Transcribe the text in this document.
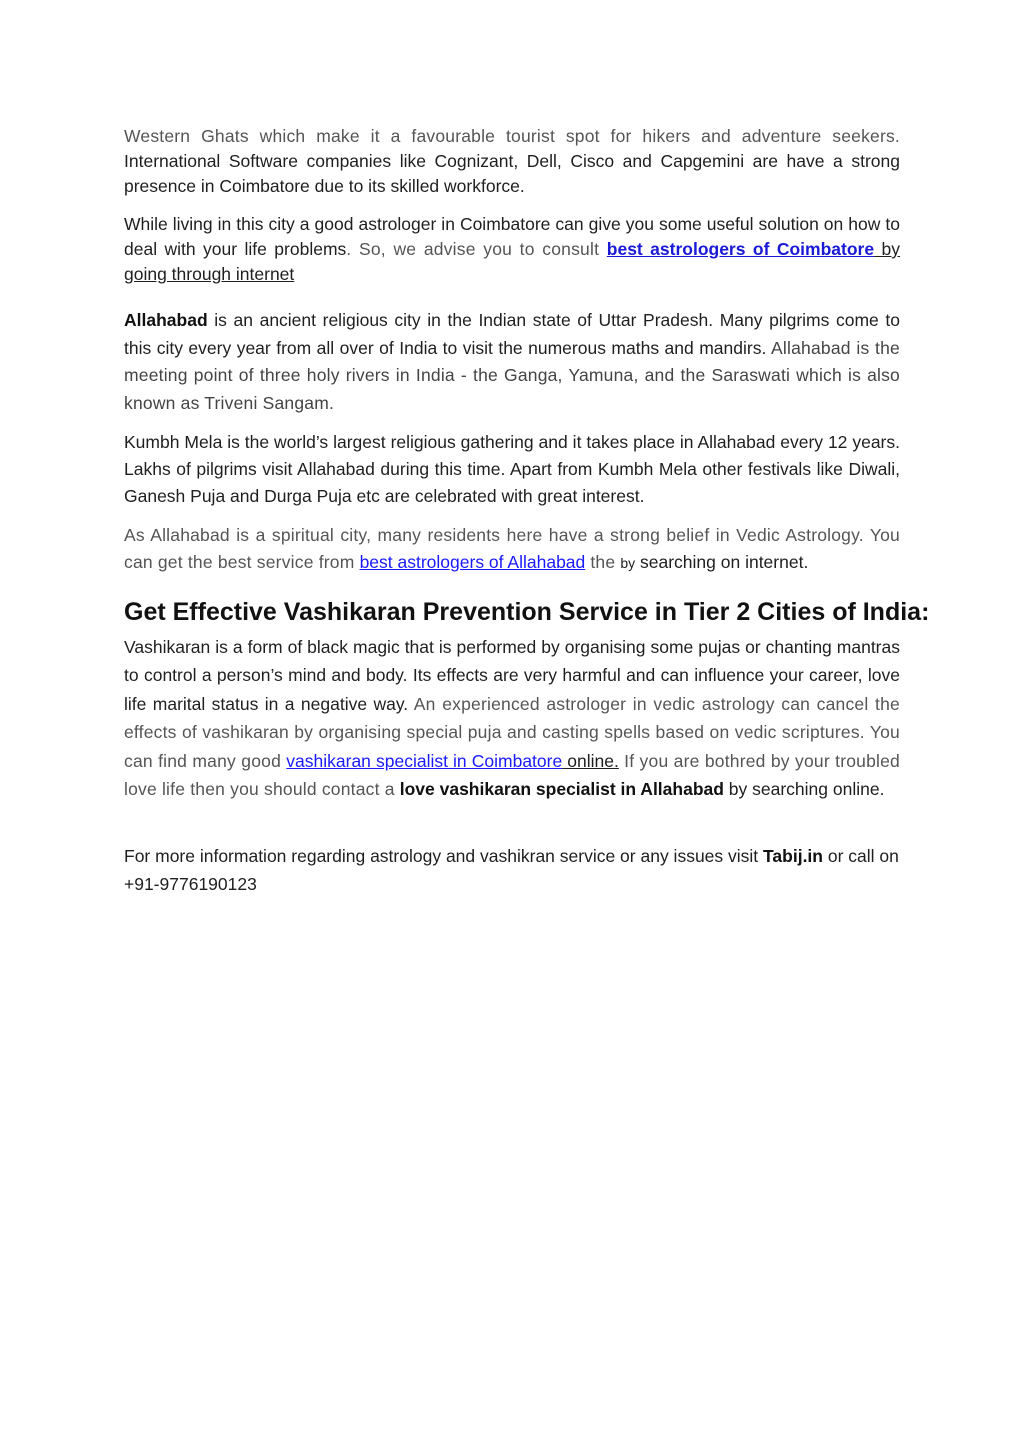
Western Ghats which make it a favourable tourist spot for hikers and adventure seekers. International Software companies like Cognizant, Dell, Cisco and Capgemini are have a strong presence in Coimbatore due to its skilled workforce.

While living in this city a good astrologer in Coimbatore can give you some useful solution on how to deal with your life problems. So, we advise you to consult best astrologers of Coimbatore by going through internet

Allahabad is an ancient religious city in the Indian state of Uttar Pradesh. Many pilgrims come to this city every year from all over of India to visit the numerous maths and mandirs. Allahabad is the meeting point of three holy rivers in India - the Ganga, Yamuna, and the Saraswati which is also known as Triveni Sangam.

Kumbh Mela is the world’s largest religious gathering and it takes place in Allahabad every 12 years. Lakhs of pilgrims visit Allahabad during this time. Apart from Kumbh Mela other festivals like Diwali, Ganesh Puja and Durga Puja etc are celebrated with great interest.

As Allahabad is a spiritual city, many residents here have a strong belief in Vedic Astrology. You can get the best service from best astrologers of Allahabad the by searching on internet.

Get Effective Vashikaran Prevention Service in Tier 2 Cities of India:

Vashikaran is a form of black magic that is performed by organising some pujas or chanting mantras to control a person’s mind and body. Its effects are very harmful and can influence your career, love life marital status in a negative way. An experienced astrologer in vedic astrology can cancel the effects of vashikaran by organising special puja and casting spells based on vedic scriptures. You can find many good vashikaran specialist in Coimbatore online. If you are bothred by your troubled love life then you should contact a love vashikaran specialist in Allahabad by searching online.

For more information regarding astrology and vashikran service or any issues visit Tabij.in or call on +91-9776190123
